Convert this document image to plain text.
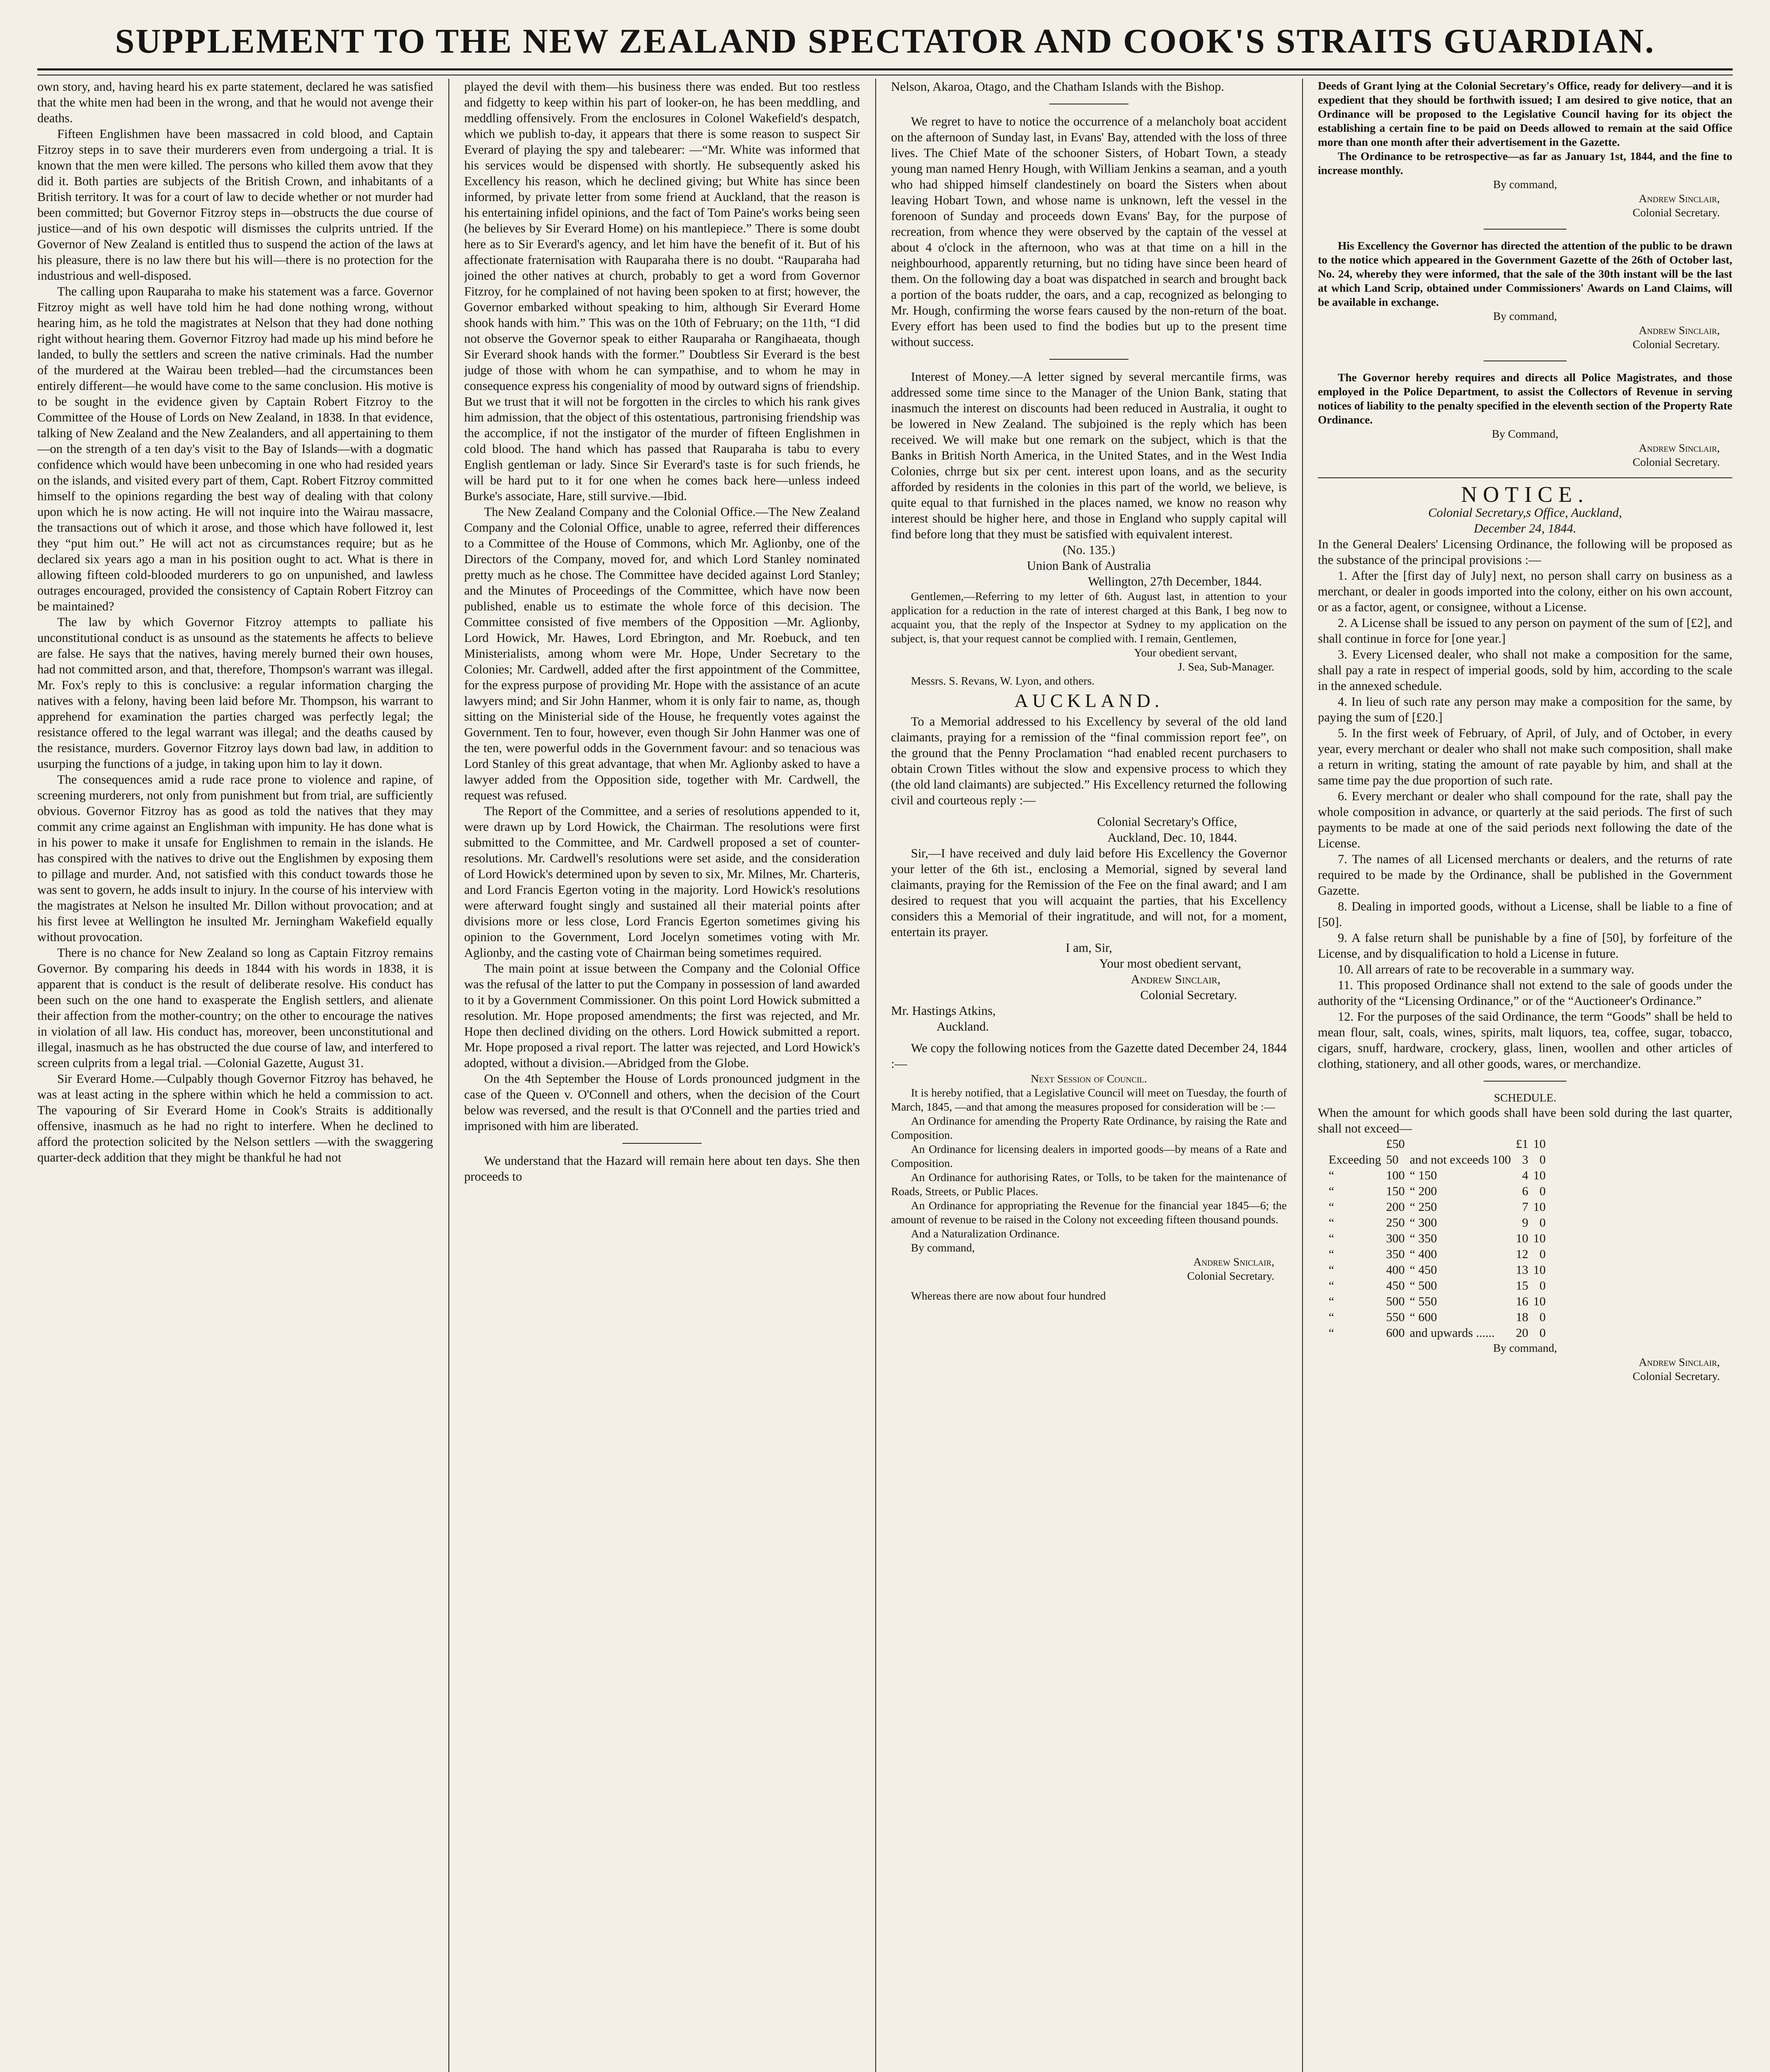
SUPPLEMENT TO THE NEW ZEALAND SPECTATOR AND COOK'S STRAITS GUARDIAN.

own story, and, having heard his ex parte statement, declared he was satisfied that the white men had been in the wrong, and that he would not avenge their deaths.

Fifteen Englishmen have been massacred in cold blood, and Captain Fitzroy steps in to save their murderers even from undergoing a trial. It is known that the men were killed. The persons who killed them avow that they did it. Both parties are subjects of the British Crown, and inhabitants of a British territory. It was for a court of law to decide whether or not murder had been committed; but Governor Fitzroy steps in—obstructs the due course of justice—and of his own despotic will dismisses the culprits untried. If the Governor of New Zealand is entitled thus to suspend the action of the laws at his pleasure, there is no law there but his will—there is no protection for the industrious and well-disposed.

The calling upon Rauparaha to make his statement was a farce. Governor Fitzroy might as well have told him he had done nothing wrong, without hearing him, as he told the magistrates at Nelson that they had done nothing right without hearing them. Governor Fitzroy had made up his mind before he landed, to bully the settlers and screen the native criminals. Had the number of the murdered at the Wairau been trebled—had the circumstances been entirely different—he would have come to the same conclusion. His motive is to be sought in the evidence given by Captain Robert Fitzroy to the Committee of the House of Lords on New Zealand, in 1838. In that evidence, talking of New Zealand and the New Zealanders, and all appertaining to them—on the strength of a ten day's visit to the Bay of Islands—with a dogmatic confidence which would have been unbecoming in one who had resided years on the islands, and visited every part of them, Capt. Robert Fitzroy committed himself to the opinions regarding the best way of dealing with that colony upon which he is now acting. He will not inquire into the Wairau massacre, the transactions out of which it arose, and those which have followed it, lest they “put him out.” He will act not as circumstances require; but as he declared six years ago a man in his position ought to act. What is there in allowing fifteen cold-blooded murderers to go on unpunished, and lawless outrages encouraged, provided the consistency of Captain Robert Fitzroy can be maintained?

The law by which Governor Fitzroy attempts to palliate his unconstitutional conduct is as unsound as the statements he affects to believe are false. He says that the natives, having merely burned their own houses, had not committed arson, and that, therefore, Thompson's warrant was illegal. Mr. Fox's reply to this is conclusive: a regular information charging the natives with a felony, having been laid before Mr. Thompson, his warrant to apprehend for examination the parties charged was perfectly legal; the resistance offered to the legal warrant was illegal; and the deaths caused by the resistance, murders. Governor Fitzroy lays down bad law, in addition to usurping the functions of a judge, in taking upon him to lay it down.

The consequences amid a rude race prone to violence and rapine, of screening murderers, not only from punishment but from trial, are sufficiently obvious. Governor Fitzroy has as good as told the natives that they may commit any crime against an Englishman with impunity. He has done what is in his power to make it unsafe for Englishmen to remain in the islands. He has conspired with the natives to drive out the Englishmen by exposing them to pillage and murder. And, not satisfied with this conduct towards those he was sent to govern, he adds insult to injury. In the course of his interview with the magistrates at Nelson he insulted Mr. Dillon without provocation; and at his first levee at Wellington he insulted Mr. Jerningham Wakefield equally without provocation.

There is no chance for New Zealand so long as Captain Fitzroy remains Governor. By comparing his deeds in 1844 with his words in 1838, it is apparent that is conduct is the result of deliberate resolve. His conduct has been such on the one hand to exasperate the English settlers, and alienate their affection from the mother-country; on the other to encourage the natives in violation of all law. His conduct has, moreover, been unconstitutional and illegal, inasmuch as he has obstructed the due course of law, and interfered to screen culprits from a legal trial. —Colonial Gazette, August 31.

Sir Everard Home.—Culpably though Governor Fitzroy has behaved, he was at least acting in the sphere within which he held a commission to act. The vapouring of Sir Everard Home in Cook's Straits is additionally offensive, inasmuch as he had no right to interfere. When he declined to afford the protection solicited by the Nelson settlers —with the swaggering quarter-deck addition that they might be thankful he had not

played the devil with them—his business there was ended. But too restless and fidgetty to keep within his part of looker-on, he has been meddling, and meddling offensively. From the enclosures in Colonel Wakefield's despatch, which we publish to-day, it appears that there is some reason to suspect Sir Everard of playing the spy and talebearer: —“Mr. White was informed that his services would be dispensed with shortly. He subsequently asked his Excellency his reason, which he declined giving; but White has since been informed, by private letter from some friend at Auckland, that the reason is his entertaining infidel opinions, and the fact of Tom Paine's works being seen (he believes by Sir Everard Home) on his mantlepiece.” There is some doubt here as to Sir Everard's agency, and let him have the benefit of it. But of his affectionate fraternisation with Rauparaha there is no doubt. “Rauparaha had joined the other natives at church, probably to get a word from Governor Fitzroy, for he complained of not having been spoken to at first; however, the Governor embarked without speaking to him, although Sir Everard Home shook hands with him.” This was on the 10th of February; on the 11th, “I did not observe the Governor speak to either Rauparaha or Rangihaeata, though Sir Everard shook hands with the former.” Doubtless Sir Everard is the best judge of those with whom he can sympathise, and to whom he may in consequence express his congeniality of mood by outward signs of friendship. But we trust that it will not be forgotten in the circles to which his rank gives him admission, that the object of this ostentatious, partronising friendship was the accomplice, if not the instigator of the murder of fifteen Englishmen in cold blood. The hand which has passed that Rauparaha is tabu to every English gentleman or lady. Since Sir Everard's taste is for such friends, he will be hard put to it for one when he comes back here—unless indeed Burke's associate, Hare, still survive.—Ibid.

The New Zealand Company and the Colonial Office.—The New Zealand Company and the Colonial Office, unable to agree, referred their differences to a Committee of the House of Commons, which Mr. Aglionby, one of the Directors of the Company, moved for, and which Lord Stanley nominated pretty much as he chose. The Committee have decided against Lord Stanley; and the Minutes of Proceedings of the Committee, which have now been published, enable us to estimate the whole force of this decision. The Committee consisted of five members of the Opposition —Mr. Aglionby, Lord Howick, Mr. Hawes, Lord Ebrington, and Mr. Roebuck, and ten Ministerialists, among whom were Mr. Hope, Under Secretary to the Colonies; Mr. Cardwell, added after the first appointment of the Committee, for the express purpose of providing Mr. Hope with the assistance of an acute lawyers mind; and Sir John Hanmer, whom it is only fair to name, as, though sitting on the Ministerial side of the House, he frequently votes against the Government. Ten to four, however, even though Sir John Hanmer was one of the ten, were powerful odds in the Government favour: and so tenacious was Lord Stanley of this great advantage, that when Mr. Aglionby asked to have a lawyer added from the Opposition side, together with Mr. Cardwell, the request was refused.

The Report of the Committee, and a series of resolutions appended to it, were drawn up by Lord Howick, the Chairman. The resolutions were first submitted to the Committee, and Mr. Cardwell proposed a set of counter-resolutions. Mr. Cardwell's resolutions were set aside, and the consideration of Lord Howick's determined upon by seven to six, Mr. Milnes, Mr. Charteris, and Lord Francis Egerton voting in the majority. Lord Howick's resolutions were afterward fought singly and sustained all their material points after divisions more or less close, Lord Francis Egerton sometimes giving his opinion to the Government, Lord Jocelyn sometimes voting with Mr. Aglionby, and the casting vote of Chairman being sometimes required.

The main point at issue between the Company and the Colonial Office was the refusal of the latter to put the Company in possession of land awarded to it by a Government Commissioner. On this point Lord Howick submitted a resolution. Mr. Hope proposed amendments; the first was rejected, and Mr. Hope then declined dividing on the others. Lord Howick submitted a report. Mr. Hope proposed a rival report. The latter was rejected, and Lord Howick's adopted, without a division.—Abridged from the Globe.

On the 4th September the House of Lords pronounced judgment in the case of the Queen v. O'Connell and others, when the decision of the Court below was reversed, and the result is that O'Connell and the parties tried and imprisoned with him are liberated.

We understand that the Hazard will remain here about ten days. She then proceeds to

Nelson, Akaroa, Otago, and the Chatham Islands with the Bishop.

We regret to have to notice the occurrence of a melancholy boat accident on the afternoon of Sunday last, in Evans' Bay, attended with the loss of three lives. The Chief Mate of the schooner Sisters, of Hobart Town, a steady young man named Henry Hough, with William Jenkins a seaman, and a youth who had shipped himself clandestinely on board the Sisters when about leaving Hobart Town, and whose name is unknown, left the vessel in the forenoon of Sunday and proceeds down Evans' Bay, for the purpose of recreation, from whence they were observed by the captain of the vessel at about 4 o'clock in the afternoon, who was at that time on a hill in the neighbourhood, apparently returning, but no tiding have since been heard of them. On the following day a boat was dispatched in search and brought back a portion of the boats rudder, the oars, and a cap, recognized as belonging to Mr. Hough, confirming the worse fears caused by the non-return of the boat. Every effort has been used to find the bodies but up to the present time without success.

Interest of Money.—A letter signed by several mercantile firms, was addressed some time since to the Manager of the Union Bank, stating that inasmuch the interest on discounts had been reduced in Australia, it ought to be lowered in New Zealand. The subjoined is the reply which has been received. We will make but one remark on the subject, which is that the Banks in British North America, in the United States, and in the West India Colonies, chrrge but six per cent. interest upon loans, and as the security afforded by residents in the colonies in this part of the world, we believe, is quite equal to that furnished in the places named, we know no reason why interest should be higher here, and those in England who supply capital will find before long that they must be satisfied with equivalent interest.

(No. 135.)

Union Bank of Australia

Wellington, 27th December, 1844.

Gentlemen,—Referring to my letter of 6th. August last, in attention to your application for a reduction in the rate of interest charged at this Bank, I beg now to acquaint you, that the reply of the Inspector at Sydney to my application on the subject, is, that your request cannot be complied with. I remain, Gentlemen,

Your obedient servant,

J. Sea, Sub-Manager.

Messrs. S. Revans, W. Lyon, and others.

AUCKLAND.

To a Memorial addressed to his Excellency by several of the old land claimants, praying for a remission of the “final commission report fee”, on the ground that the Penny Proclamation “had enabled recent purchasers to obtain Crown Titles without the slow and expensive process to which they (the old land claimants) are subjected.” His Excellency returned the following civil and courteous reply :—

Colonial Secretary's Office,

Auckland, Dec. 10, 1844.

Sir,—I have received and duly laid before His Excellency the Governor your letter of the 6th ist., enclosing a Memorial, signed by several land claimants, praying for the Remission of the Fee on the final award; and I am desired to request that you will acquaint the parties, that his Excellency considers this a Memorial of their ingratitude, and will not, for a moment, entertain its prayer.

I am, Sir,

Your most obedient servant,

Andrew Sinclair,

Colonial Secretary.

Mr. Hastings Atkins,

Auckland.

We copy the following notices from the Gazette dated December 24, 1844 :—

Next Session of Council.

It is hereby notified, that a Legislative Council will meet on Tuesday, the fourth of March, 1845, —and that among the measures proposed for consideration will be :—

An Ordinance for amending the Property Rate Ordinance, by raising the Rate and Composition.

An Ordinance for licensing dealers in imported goods—by means of a Rate and Composition.

An Ordinance for authorising Rates, or Tolls, to be taken for the maintenance of Roads, Streets, or Public Places.

An Ordinance for appropriating the Revenue for the financial year 1845—6; the amount of revenue to be raised in the Colony not exceeding fifteen thousand pounds.

And a Naturalization Ordinance.

By command,

Andrew Sniclair,

Colonial Secretary.

Whereas there are now about four hundred

Deeds of Grant lying at the Colonial Secretary's Office, ready for delivery—and it is expedient that they should be forthwith issued; I am desired to give notice, that an Ordinance will be proposed to the Legislative Council having for its object the establishing a certain fine to be paid on Deeds allowed to remain at the said Office more than one month after their advertisement in the Gazette.

The Ordinance to be retrospective—as far as January 1st, 1844, and the fine to increase monthly.

By command,

Andrew Sinclair,

Colonial Secretary.

His Excellency the Governor has directed the attention of the public to be drawn to the notice which appeared in the Government Gazette of the 26th of October last, No. 24, whereby they were informed, that the sale of the 30th instant will be the last at which Land Scrip, obtained under Commissioners' Awards on Land Claims, will be available in exchange.

By command,

Andrew Sinclair,

Colonial Secretary.

The Governor hereby requires and directs all Police Magistrates, and those employed in the Police Department, to assist the Collectors of Revenue in serving notices of liability to the penalty specified in the eleventh section of the Property Rate Ordinance.

By Command,

Andrew Sinclair,

Colonial Secretary.

NOTICE.

Colonial Secretary,s Office, Auckland,

December 24, 1844.

In the General Dealers' Licensing Ordinance, the following will be proposed as the substance of the principal provisions :—

1. After the [first day of July] next, no person shall carry on business as a merchant, or dealer in goods imported into the colony, either on his own account, or as a factor, agent, or consignee, without a License.

2. A License shall be issued to any person on payment of the sum of [£2], and shall continue in force for [one year.]

3. Every Licensed dealer, who shall not make a composition for the same, shall pay a rate in respect of imperial goods, sold by him, according to the scale in the annexed schedule.

4. In lieu of such rate any person may make a composition for the same, by paying the sum of [£20.]

5. In the first week of February, of April, of July, and of October, in every year, every merchant or dealer who shall not make such composition, shall make a return in writing, stating the amount of rate payable by him, and shall at the same time pay the due proportion of such rate.

6. Every merchant or dealer who shall compound for the rate, shall pay the whole composition in advance, or quarterly at the said periods. The first of such payments to be made at one of the said periods next following the date of the License.

7. The names of all Licensed merchants or dealers, and the returns of rate required to be made by the Ordinance, shall be published in the Government Gazette.

8. Dealing in imported goods, without a License, shall be liable to a fine of [50].

9. A false return shall be punishable by a fine of [50], by forfeiture of the License, and by disqualification to hold a License in future.

10. All arrears of rate to be recoverable in a summary way.

11. This proposed Ordinance shall not extend to the sale of goods under the authority of the “Licensing Ordinance,” or of the “Auctioneer's Ordinance.”

12. For the purposes of the said Ordinance, the term “Goods” shall be held to mean flour, salt, coals, wines, spirits, malt liquors, tea, coffee, sugar, tobacco, cigars, snuff, hardware, crockery, glass, linen, woollen and other articles of clothing, stationery, and all other goods, wares, or merchandize.

SCHEDULE.

When the amount for which goods shall have been sold during the last quarter, shall not exceed—

	£50		£1	10
Exceeding	50	and not exceeds 100	3	0
“	100	“ 150	4	10
“	150	“ 200	6	0
“	200	“ 250	7	10
“	250	“ 300	9	0
“	300	“ 350	10	10
“	350	“ 400	12	0
“	400	“ 450	13	10
“	450	“ 500	15	0
“	500	“ 550	16	10
“	550	“ 600	18	0
“	600	and upwards ......	20	0

By command,

Andrew Sinclair,

Colonial Secretary.
